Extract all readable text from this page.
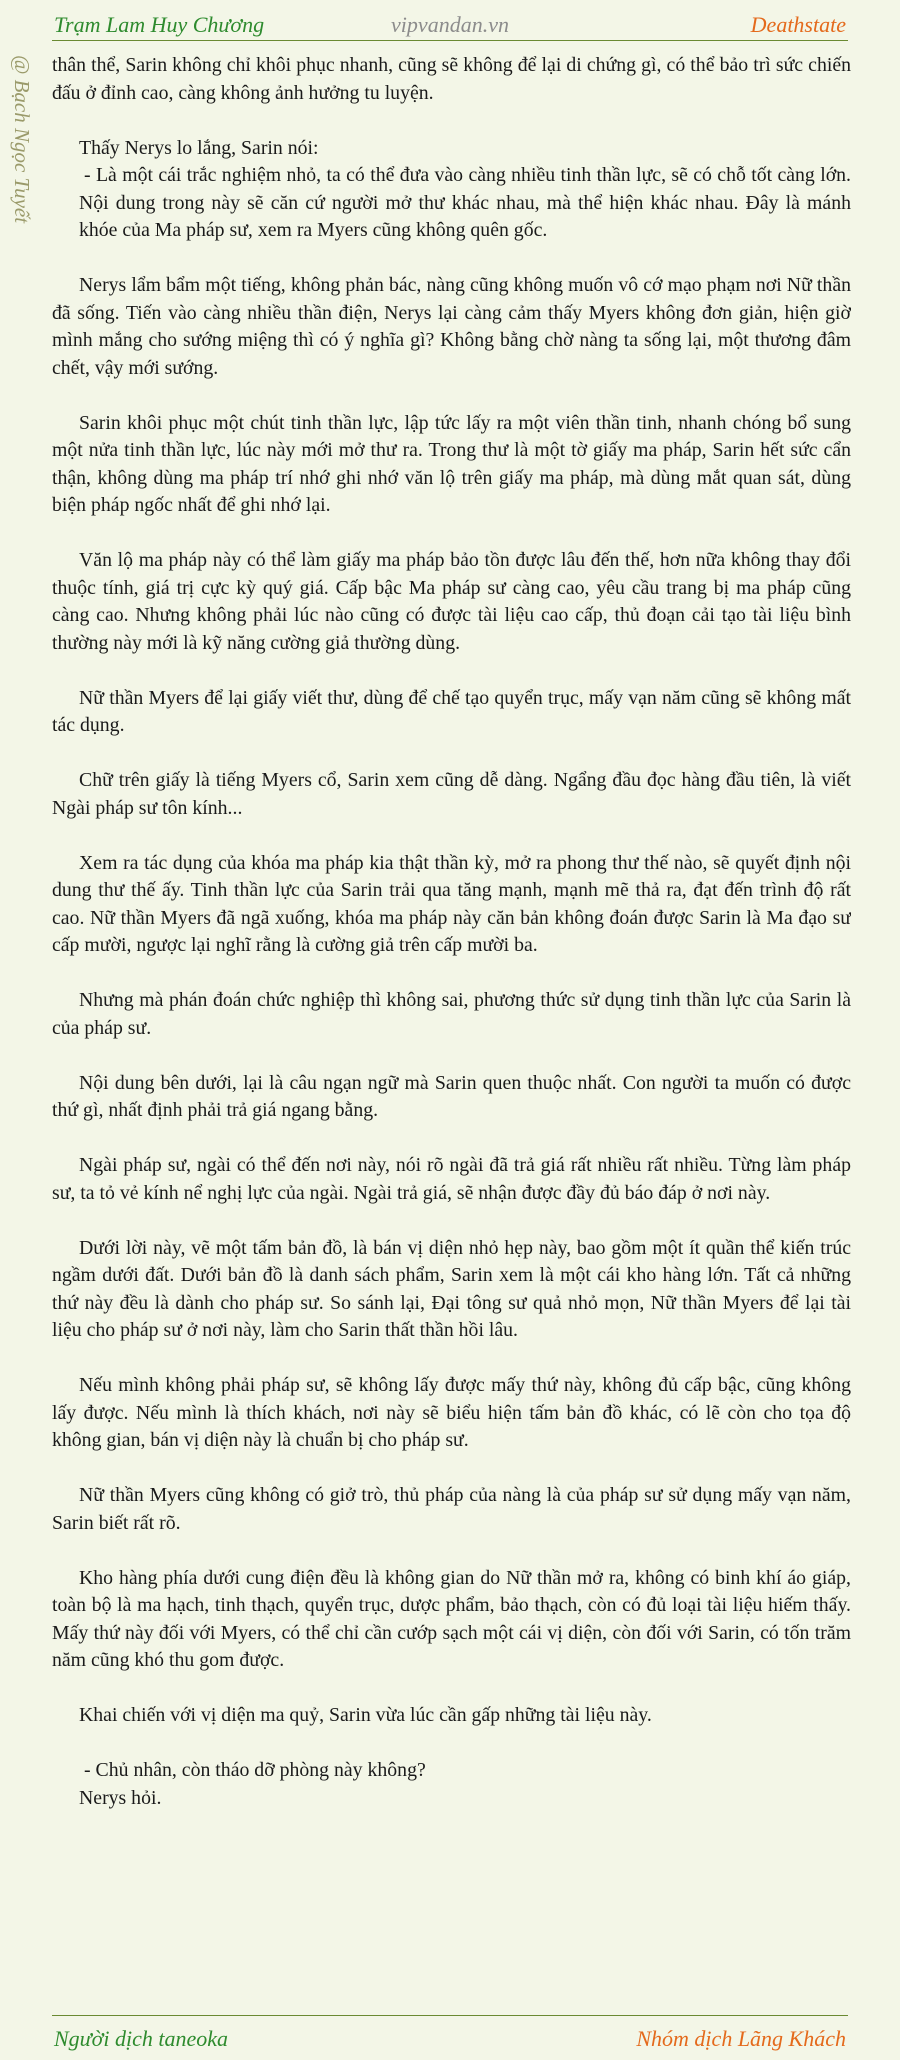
Trạm Lam Huy Chương	vipvandan.vn	Deathstate
@ Bạch Ngọc Tuyết thân thể, Sarin không chỉ khôi phục nhanh, cũng sẽ không để lại di chứng gì, có thể bảo trì sức chiến đấu ở đỉnh cao, càng không ảnh hưởng tu luyện.

Thấy Nerys lo lắng, Sarin nói:

- Là một cái trắc nghiệm nhỏ, ta có thể đưa vào càng nhiều tinh thần lực, sẽ có chỗ tốt càng lớn. Nội dung trong này sẽ căn cứ người mở thư khác nhau, mà thể hiện khác nhau. Đây là mánh khóe của Ma pháp sư, xem ra Myers cũng không quên gốc.

Nerys lẩm bẩm một tiếng, không phản bác, nàng cũng không muốn vô cớ mạo phạm nơi Nữ thần đã sống. Tiến vào càng nhiều thần điện, Nerys lại càng cảm thấy Myers không đơn giản, hiện giờ mình mắng cho sướng miệng thì có ý nghĩa gì? Không bằng chờ nàng ta sống lại, một thương đâm chết, vậy mới sướng.

Sarin khôi phục một chút tinh thần lực, lập tức lấy ra một viên thần tinh, nhanh chóng bổ sung một nửa tinh thần lực, lúc này mới mở thư ra. Trong thư là một tờ giấy ma pháp, Sarin hết sức cẩn thận, không dùng ma pháp trí nhớ ghi nhớ văn lộ trên giấy ma pháp, mà dùng mắt quan sát, dùng biện pháp ngốc nhất để ghi nhớ lại.

Văn lộ ma pháp này có thể làm giấy ma pháp bảo tồn được lâu đến thế, hơn nữa không thay đổi thuộc tính, giá trị cực kỳ quý giá. Cấp bậc Ma pháp sư càng cao, yêu cầu trang bị ma pháp cũng càng cao. Nhưng không phải lúc nào cũng có được tài liệu cao cấp, thủ đoạn cải tạo tài liệu bình thường này mới là kỹ năng cường giả thường dùng.

Nữ thần Myers để lại giấy viết thư, dùng để chế tạo quyển trục, mấy vạn năm cũng sẽ không mất tác dụng.

Chữ trên giấy là tiếng Myers cổ, Sarin xem cũng dễ dàng. Ngẩng đầu đọc hàng đầu tiên, là viết Ngài pháp sư tôn kính...

Xem ra tác dụng của khóa ma pháp kia thật thần kỳ, mở ra phong thư thế nào, sẽ quyết định nội dung thư thế ấy. Tinh thần lực của Sarin trải qua tăng mạnh, mạnh mẽ thả ra, đạt đến trình độ rất cao. Nữ thần Myers đã ngã xuống, khóa ma pháp này căn bản không đoán được Sarin là Ma đạo sư cấp mười, ngược lại nghĩ rằng là cường giả trên cấp mười ba.

Nhưng mà phán đoán chức nghiệp thì không sai, phương thức sử dụng tinh thần lực của Sarin là của pháp sư.

Nội dung bên dưới, lại là câu ngạn ngữ mà Sarin quen thuộc nhất. Con người ta muốn có được thứ gì, nhất định phải trả giá ngang bằng.

Ngài pháp sư, ngài có thể đến nơi này, nói rõ ngài đã trả giá rất nhiều rất nhiều. Từng làm pháp sư, ta tỏ vẻ kính nể nghị lực của ngài. Ngài trả giá, sẽ nhận được đầy đủ báo đáp ở nơi này.

Dưới lời này, vẽ một tấm bản đồ, là bán vị diện nhỏ hẹp này, bao gồm một ít quần thể kiến trúc ngầm dưới đất. Dưới bản đồ là danh sách phẩm, Sarin xem là một cái kho hàng lớn. Tất cả những thứ này đều là dành cho pháp sư. So sánh lại, Đại tông sư quả nhỏ mọn, Nữ thần Myers để lại tài liệu cho pháp sư ở nơi này, làm cho Sarin thất thần hồi lâu.

Nếu mình không phải pháp sư, sẽ không lấy được mấy thứ này, không đủ cấp bậc, cũng không lấy được. Nếu mình là thích khách, nơi này sẽ biểu hiện tấm bản đồ khác, có lẽ còn cho tọa độ không gian, bán vị diện này là chuẩn bị cho pháp sư.

Nữ thần Myers cũng không có giở trò, thủ pháp của nàng là của pháp sư sử dụng mấy vạn năm, Sarin biết rất rõ.

Kho hàng phía dưới cung điện đều là không gian do Nữ thần mở ra, không có binh khí áo giáp, toàn bộ là ma hạch, tinh thạch, quyển trục, dược phẩm, bảo thạch, còn có đủ loại tài liệu hiếm thấy. Mấy thứ này đối với Myers, có thể chỉ cần cướp sạch một cái vị diện, còn đối với Sarin, có tốn trăm năm cũng khó thu gom được.

Khai chiến với vị diện ma quỷ, Sarin vừa lúc cần gấp những tài liệu này.

- Chủ nhân, còn tháo dỡ phòng này không?

Nerys hỏi.

Người dịch taneoka	Nhóm dịch Lãng Khách
